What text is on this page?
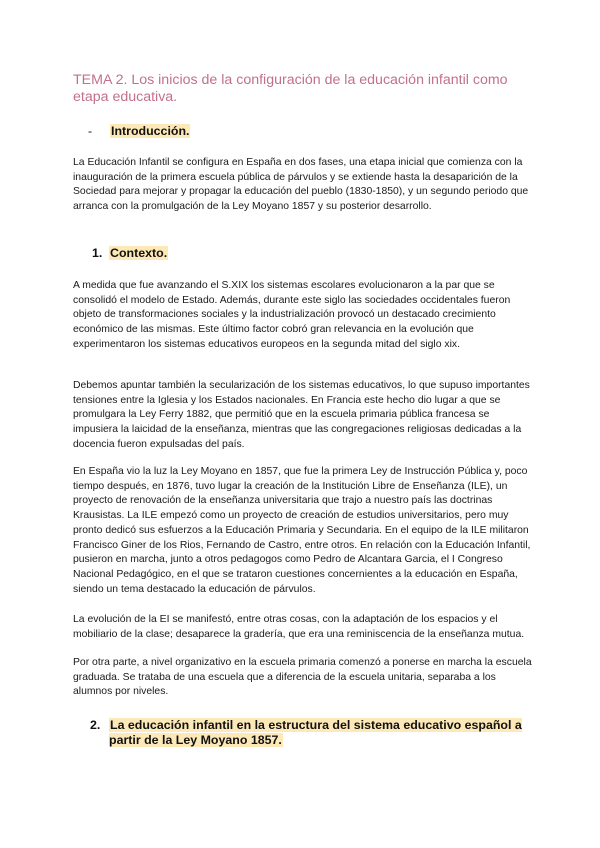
TEMA 2. Los inicios de la configuración de la educación infantil como etapa educativa.
- Introducción.

La Educación Infantil se configura en España en dos fases, una etapa inicial que comienza con la inauguración de la primera escuela pública de párvulos y se extiende hasta la desaparición de la Sociedad para mejorar y propagar la educación del pueblo (1830-1850), y un segundo periodo que arranca con la promulgación de la Ley Moyano 1857 y su posterior desarrollo.

1. Contexto.

A medida que fue avanzando el S.XIX los sistemas escolares evolucionaron a la par que se consolidó el modelo de Estado. Además, durante este siglo las sociedades occidentales fueron objeto de transformaciones sociales y la industrialización provocó un destacado crecimiento económico de las mismas. Este último factor cobró gran relevancia en la evolución que experimentaron los sistemas educativos europeos en la segunda mitad del siglo xix.

Debemos apuntar también la secularización de los sistemas educativos, lo que supuso importantes tensiones entre la Iglesia y los Estados nacionales. En Francia este hecho dio lugar a que se promulgara la Ley Ferry 1882, que permitió que en la escuela primaria pública francesa se impusiera la laicidad de la enseñanza, mientras que las congregaciones religiosas dedicadas a la docencia fueron expulsadas del país.

En España vio la luz la Ley Moyano en 1857, que fue la primera Ley de Instrucción Pública y, poco tiempo después, en 1876, tuvo lugar la creación de la Institución Libre de Enseñanza (ILE), un proyecto de renovación de la enseñanza universitaria que trajo a nuestro país las doctrinas Krausistas. La ILE empezó como un proyecto de creación de estudios universitarios, pero muy pronto dedicó sus esfuerzos a la Educación Primaria y Secundaria. En el equipo de la ILE militaron Francisco Giner de los Rios, Fernando de Castro, entre otros. En relación con la Educación Infantil, pusieron en marcha, junto a otros pedagogos como Pedro de Alcantara Garcia, el I Congreso Nacional Pedagógico, en el que se trataron cuestiones concernientes a la educación en España, siendo un tema destacado la educación de párvulos.

La evolución de la EI se manifestó, entre otras cosas, con la adaptación de los espacios y el mobiliario de la clase; desaparece la gradería, que era una reminiscencia de la enseñanza mutua.

Por otra parte, a nivel organizativo en la escuela primaria comenzó a ponerse en marcha la escuela graduada. Se trataba de una escuela que a diferencia de la escuela unitaria, separaba a los alumnos por niveles.

2. La educación infantil en la estructura del sistema educativo español a partir de la Ley Moyano 1857.
